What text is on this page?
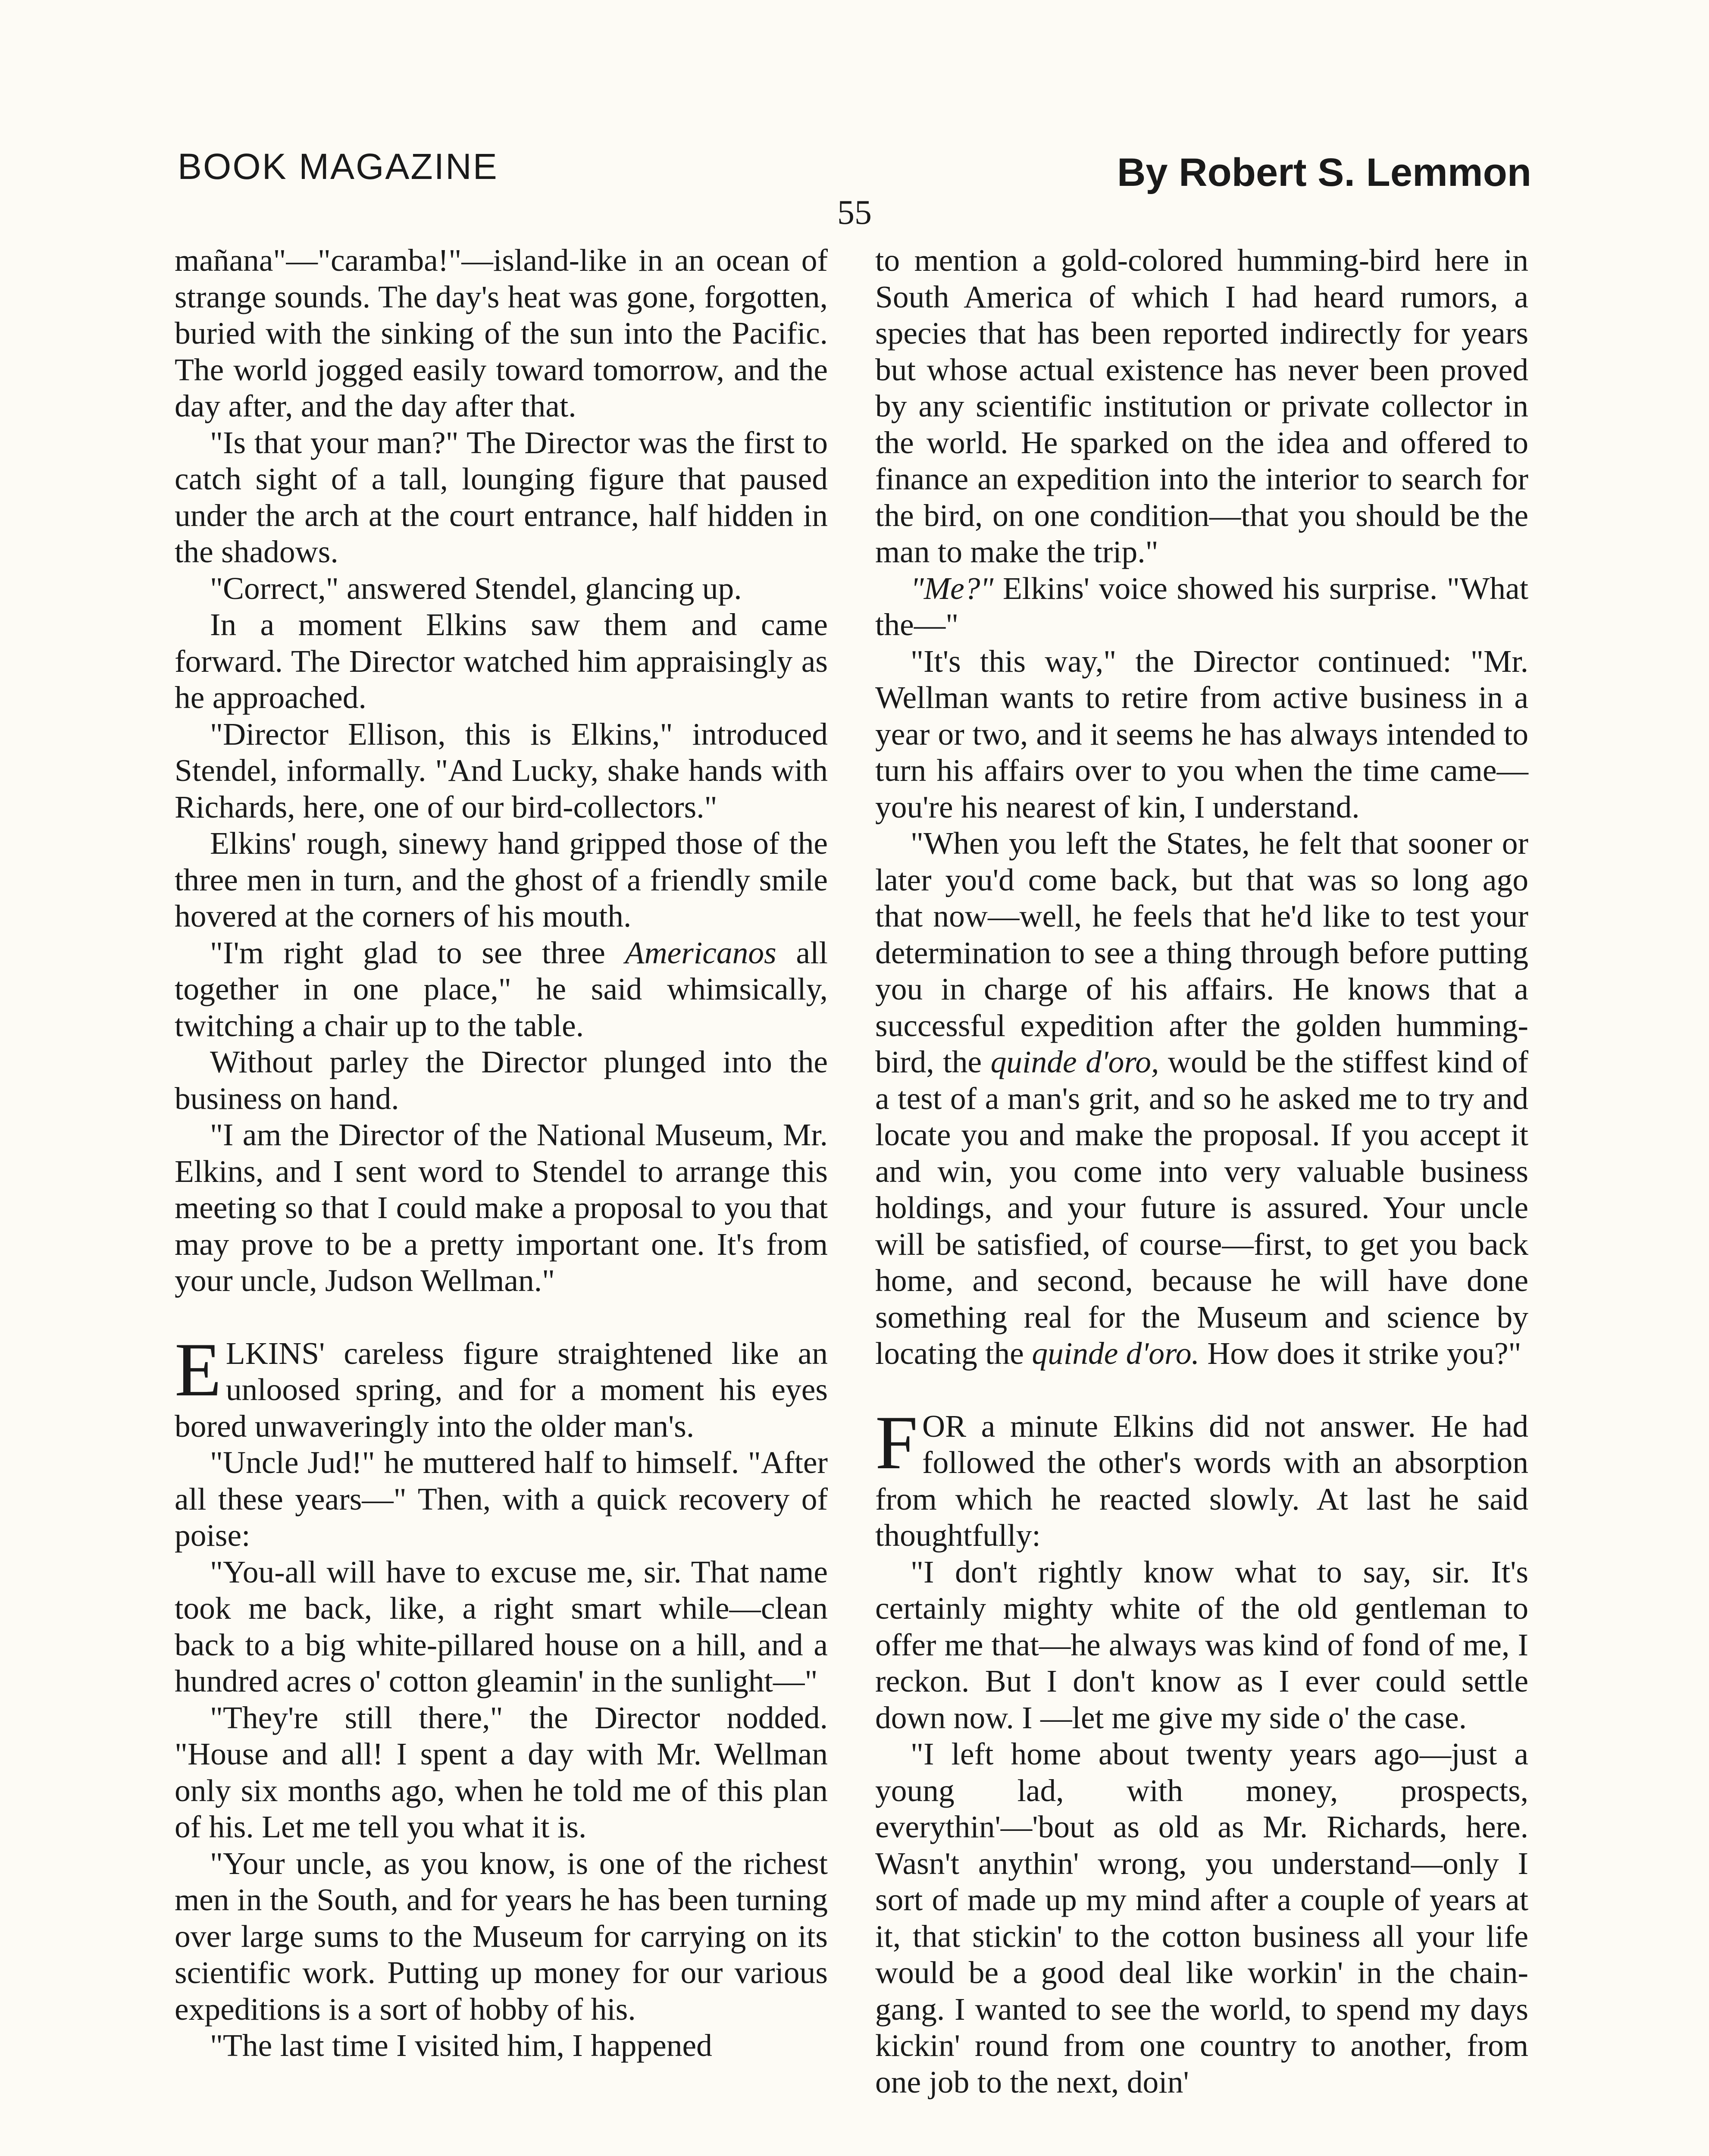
BOOK MAGAZINE	By Robert S. Lemmon
55

mañana"—"caramba!"—island-like in an ocean of strange sounds. The day's heat was gone, forgotten, buried with the sinking of the sun into the Pacific. The world jogged easily toward tomorrow, and the day after, and the day after that.

"Is that your man?" The Director was the first to catch sight of a tall, lounging figure that paused under the arch at the court entrance, half hidden in the shadows.

"Correct," answered Stendel, glancing up.

In a moment Elkins saw them and came forward. The Director watched him appraisingly as he approached.

"Director Ellison, this is Elkins," introduced Stendel, informally. "And Lucky, shake hands with Richards, here, one of our bird-collectors."

Elkins' rough, sinewy hand gripped those of the three men in turn, and the ghost of a friendly smile hovered at the corners of his mouth.

"I'm right glad to see three Americanos all together in one place," he said whimsically, twitching a chair up to the table.

Without parley the Director plunged into the business on hand.

"I am the Director of the National Museum, Mr. Elkins, and I sent word to Stendel to arrange this meeting so that I could make a proposal to you that may prove to be a pretty important one. It's from your uncle, Judson Wellman."

ELKINS' careless figure straightened like an unloosed spring, and for a moment his eyes bored unwaveringly into the older man's.

"Uncle Jud!" he muttered half to himself. "After all these years—" Then, with a quick recovery of poise:

"You-all will have to excuse me, sir. That name took me back, like, a right smart while—clean back to a big white-pillared house on a hill, and a hundred acres o' cotton gleamin' in the sunlight—"

"They're still there," the Director nodded. "House and all! I spent a day with Mr. Wellman only six months ago, when he told me of this plan of his. Let me tell you what it is.

"Your uncle, as you know, is one of the richest men in the South, and for years he has been turning over large sums to the Museum for carrying on its scientific work. Putting up money for our various expeditions is a sort of hobby of his.

"The last time I visited him, I happened

to mention a gold-colored humming-bird here in South America of which I had heard rumors, a species that has been reported indirectly for years but whose actual existence has never been proved by any scientific institution or private collector in the world. He sparked on the idea and offered to finance an expedition into the interior to search for the bird, on one condition—that you should be the man to make the trip."

"Me?" Elkins' voice showed his surprise. "What the—"

"It's this way," the Director continued: "Mr. Wellman wants to retire from active business in a year or two, and it seems he has always intended to turn his affairs over to you when the time came—you're his nearest of kin, I understand.

"When you left the States, he felt that sooner or later you'd come back, but that was so long ago that now—well, he feels that he'd like to test your determination to see a thing through before putting you in charge of his affairs. He knows that a successful expedition after the golden humming-bird, the quinde d'oro, would be the stiffest kind of a test of a man's grit, and so he asked me to try and locate you and make the proposal. If you accept it and win, you come into very valuable business holdings, and your future is assured. Your uncle will be satisfied, of course—first, to get you back home, and second, because he will have done something real for the Museum and science by locating the quinde d'oro. How does it strike you?"

FOR a minute Elkins did not answer. He had followed the other's words with an absorption from which he reacted slowly. At last he said thoughtfully:

"I don't rightly know what to say, sir. It's certainly mighty white of the old gentleman to offer me that—he always was kind of fond of me, I reckon. But I don't know as I ever could settle down now. I —let me give my side o' the case.

"I left home about twenty years ago—just a young lad, with money, prospects, everythin'—'bout as old as Mr. Richards, here. Wasn't anythin' wrong, you understand—only I sort of made up my mind after a couple of years at it, that stickin' to the cotton business all your life would be a good deal like workin' in the chain-gang. I wanted to see the world, to spend my days kickin' round from one country to another, from one job to the next, doin'
